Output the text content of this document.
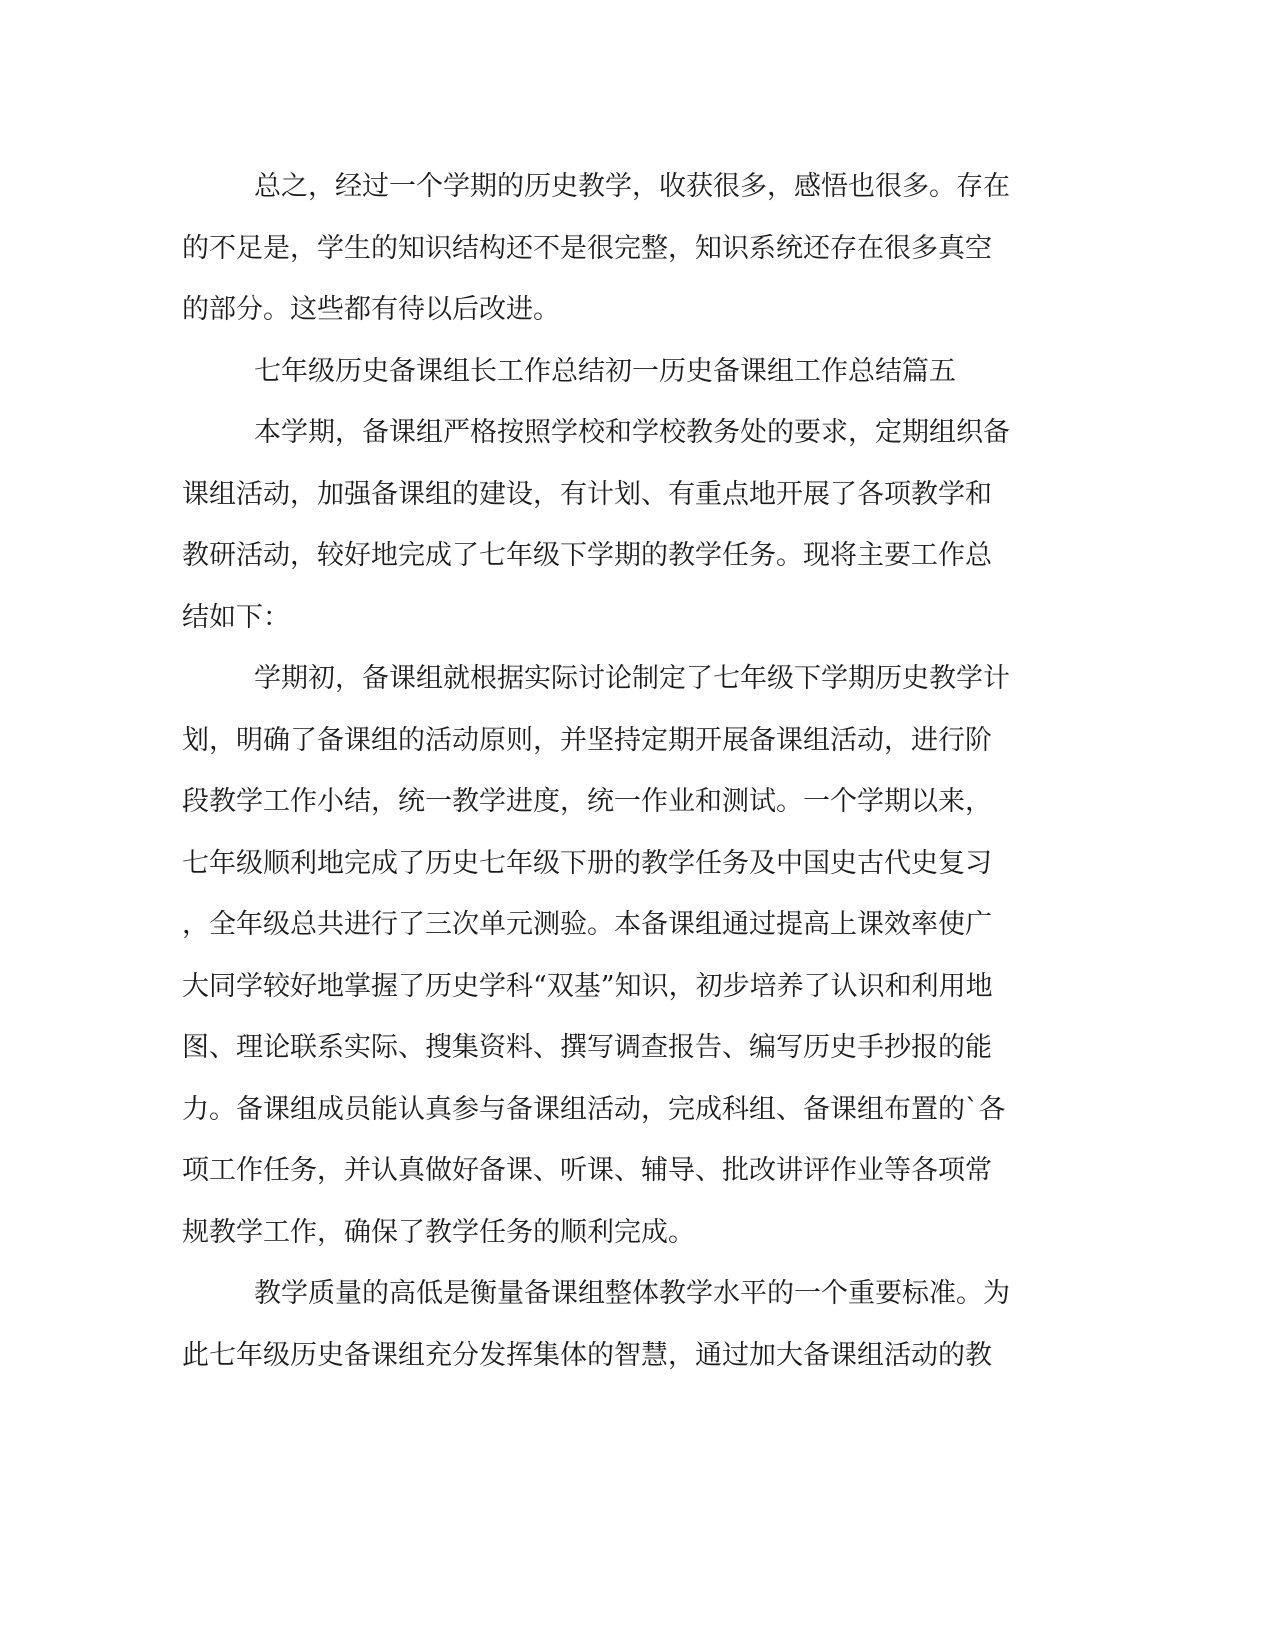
总之，经过一个学期的历史教学，收获很多，感悟也很多。存在
的不足是，学生的知识结构还不是很完整，知识系统还存在很多真空
的部分。这些都有待以后改进。
七年级历史备课组长工作总结初一历史备课组工作总结篇五
本学期，备课组严格按照学校和学校教务处的要求，定期组织备
课组活动，加强备课组的建设，有计划、有重点地开展了各项教学和
教研活动，较好地完成了七年级下学期的教学任务。现将主要工作总
结如下：
学期初，备课组就根据实际讨论制定了七年级下学期历史教学计
划，明确了备课组的活动原则，并坚持定期开展备课组活动，进行阶
段教学工作小结，统一教学进度，统一作业和测试。一个学期以来，
七年级顺利地完成了历史七年级下册的教学任务及中国史古代史复习
，全年级总共进行了三次单元测验。本备课组通过提高上课效率使广
大同学较好地掌握了历史学科“双基”知识，初步培养了认识和利用地
图、理论联系实际、搜集资料、撰写调查报告、编写历史手抄报的能
力。备课组成员能认真参与备课组活动，完成科组、备课组布置的`各
项工作任务，并认真做好备课、听课、辅导、批改讲评作业等各项常
规教学工作，确保了教学任务的顺利完成。
教学质量的高低是衡量备课组整体教学水平的一个重要标准。为
此七年级历史备课组充分发挥集体的智慧，通过加大备课组活动的教
